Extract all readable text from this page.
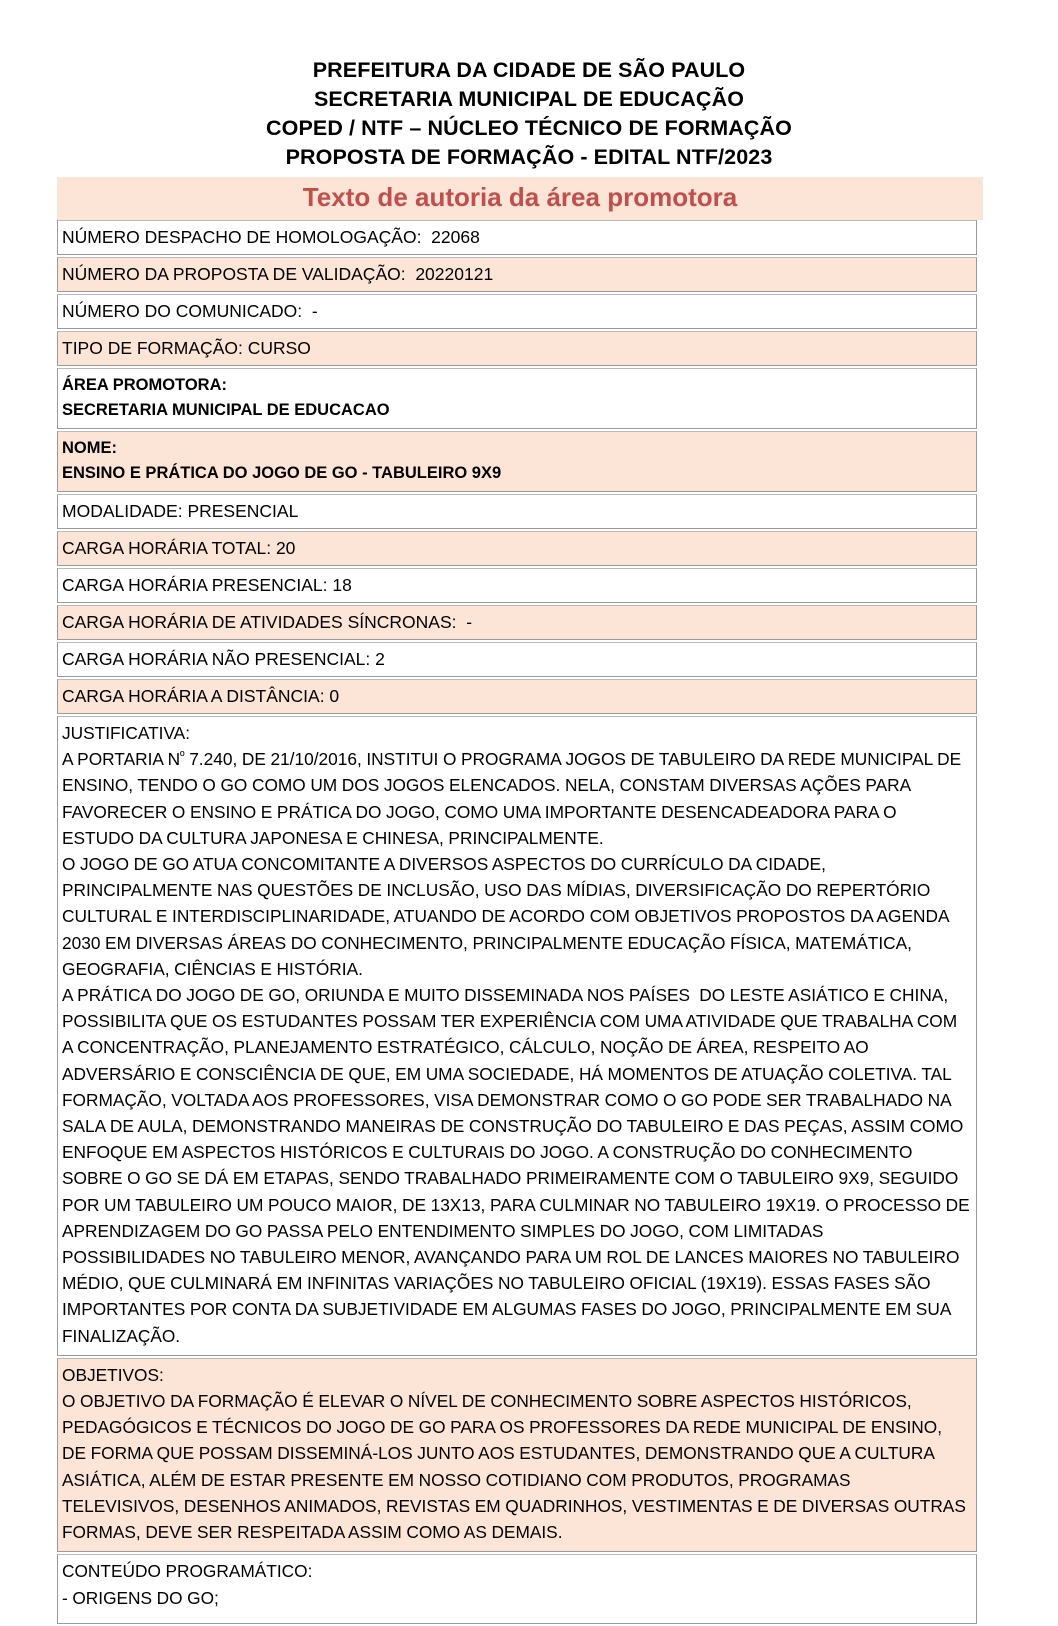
PREFEITURA DA CIDADE DE SÃO PAULO
SECRETARIA MUNICIPAL DE EDUCAÇÃO
COPED / NTF – NÚCLEO TÉCNICO DE FORMAÇÃO
PROPOSTA DE FORMAÇÃO - EDITAL NTF/2023
Texto de autoria da área promotora
NÚMERO DESPACHO DE HOMOLOGAÇÃO:  22068
NÚMERO DA PROPOSTA DE VALIDAÇÃO:  20220121
NÚMERO DO COMUNICADO:  -
TIPO DE FORMAÇÃO: CURSO
ÁREA PROMOTORA:
SECRETARIA MUNICIPAL DE EDUCACAO
NOME:
ENSINO E PRÁTICA DO JOGO DE GO - TABULEIRO 9X9
MODALIDADE: PRESENCIAL
CARGA HORÁRIA TOTAL: 20
CARGA HORÁRIA PRESENCIAL: 18
CARGA HORÁRIA DE ATIVIDADES SÍNCRONAS:  -
CARGA HORÁRIA NÃO PRESENCIAL: 2
CARGA HORÁRIA A DISTÂNCIA: 0
JUSTIFICATIVA:
A PORTARIA $N^º$ 7.240, DE 21/10/2016, INSTITUI O PROGRAMA JOGOS DE TABULEIRO DA REDE MUNICIPAL DE ENSINO, TENDO O GO COMO UM DOS JOGOS ELENCADOS. NELA, CONSTAM DIVERSAS AÇÕES PARA FAVORECER O ENSINO E PRÁTICA DO JOGO, COMO UMA IMPORTANTE DESENCADEADORA PARA O ESTUDO DA CULTURA JAPONESA E CHINESA, PRINCIPALMENTE.
O JOGO DE GO ATUA CONCOMITANTE A DIVERSOS ASPECTOS DO CURRÍCULO DA CIDADE, PRINCIPALMENTE NAS QUESTÕES DE INCLUSÃO, USO DAS MÍDIAS, DIVERSIFICAÇÃO DO REPERTÓRIO CULTURAL E INTERDISCIPLINARIDADE, ATUANDO DE ACORDO COM OBJETIVOS PROPOSTOS DA AGENDA 2030 EM DIVERSAS ÁREAS DO CONHECIMENTO, PRINCIPALMENTE EDUCAÇÃO FÍSICA, MATEMÁTICA, GEOGRAFIA, CIÊNCIAS E HISTÓRIA.
A PRÁTICA DO JOGO DE GO, ORIUNDA E MUITO DISSEMINADA NOS PAÍSES  DO LESTE ASIÁTICO E CHINA, POSSIBILITA QUE OS ESTUDANTES POSSAM TER EXPERIÊNCIA COM UMA ATIVIDADE QUE TRABALHA COM A CONCENTRAÇÃO, PLANEJAMENTO ESTRATÉGICO, CÁLCULO, NOÇÃO DE ÁREA, RESPEITO AO ADVERSÁRIO E CONSCIÊNCIA DE QUE, EM UMA SOCIEDADE, HÁ MOMENTOS DE ATUAÇÃO COLETIVA. TAL FORMAÇÃO, VOLTADA AOS PROFESSORES, VISA DEMONSTRAR COMO O GO PODE SER TRABALHADO NA SALA DE AULA, DEMONSTRANDO MANEIRAS DE CONSTRUÇÃO DO TABULEIRO E DAS PEÇAS, ASSIM COMO ENFOQUE EM ASPECTOS HISTÓRICOS E CULTURAIS DO JOGO. A CONSTRUÇÃO DO CONHECIMENTO SOBRE O GO SE DÁ EM ETAPAS, SENDO TRABALHADO PRIMEIRAMENTE COM O TABULEIRO 9X9, SEGUIDO POR UM TABULEIRO UM POUCO MAIOR, DE 13X13, PARA CULMINAR NO TABULEIRO 19X19. O PROCESSO DE APRENDIZAGEM DO GO PASSA PELO ENTENDIMENTO SIMPLES DO JOGO, COM LIMITADAS POSSIBILIDADES NO TABULEIRO MENOR, AVANÇANDO PARA UM ROL DE LANCES MAIORES NO TABULEIRO MÉDIO, QUE CULMINARÁ EM INFINITAS VARIAÇÕES NO TABULEIRO OFICIAL (19X19). ESSAS FASES SÃO IMPORTANTES POR CONTA DA SUBJETIVIDADE EM ALGUMAS FASES DO JOGO, PRINCIPALMENTE EM SUA FINALIZAÇÃO.
OBJETIVOS:
O OBJETIVO DA FORMAÇÃO É ELEVAR O NÍVEL DE CONHECIMENTO SOBRE ASPECTOS HISTÓRICOS, PEDAGÓGICOS E TÉCNICOS DO JOGO DE GO PARA OS PROFESSORES DA REDE MUNICIPAL DE ENSINO, DE FORMA QUE POSSAM DISSEMINÁ-LOS JUNTO AOS ESTUDANTES, DEMONSTRANDO QUE A CULTURA ASIÁTICA, ALÉM DE ESTAR PRESENTE EM NOSSO COTIDIANO COM PRODUTOS, PROGRAMAS TELEVISIVOS, DESENHOS ANIMADOS, REVISTAS EM QUADRINHOS, VESTIMENTAS E DE DIVERSAS OUTRAS FORMAS, DEVE SER RESPEITADA ASSIM COMO AS DEMAIS.
CONTEÚDO PROGRAMÁTICO:
- ORIGENS DO GO;
